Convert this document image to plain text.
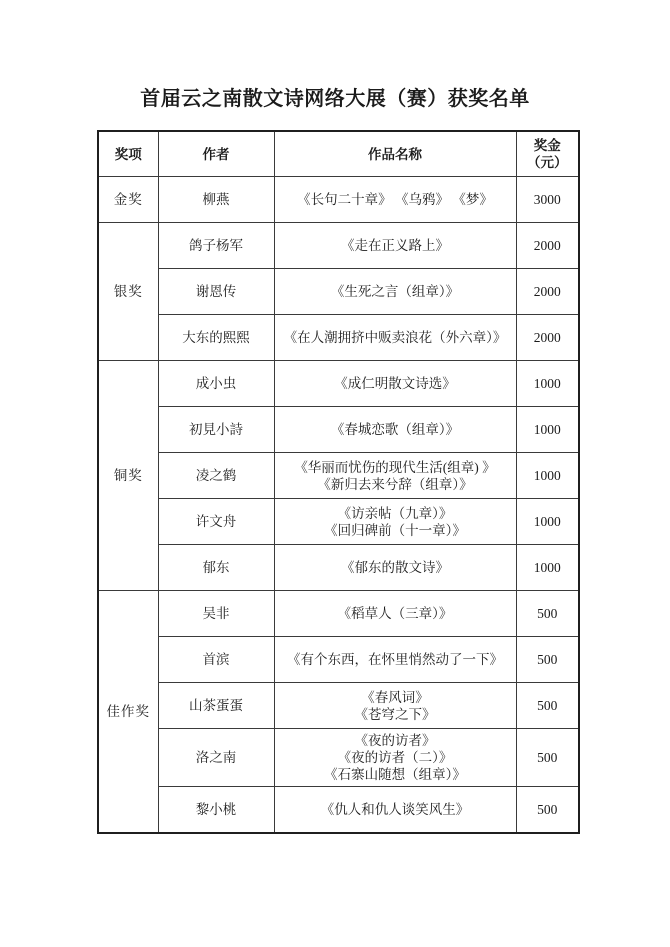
首届云之南散文诗网络大展（赛）获奖名单
奖项	作者	作品名称	奖金
（元）
金奖	柳燕	《长句二十章》 《乌鸦》 《梦》	3000
银奖	鸽子杨军	《走在正义路上》	2000
	谢恩传	《生死之言（组章）》	2000
	大东的熙熙	《在人潮拥挤中贩卖浪花（外六章）》	2000
铜奖	成小虫	《成仁明散文诗选》	1000
	初見小詩	《春城恋歌（组章）》	1000
	凌之鹤	《华丽而忧伤的现代生活(组章) 》
《新归去来兮辞（组章）》	1000
	许文舟	《访亲帖（九章）》
《回归碑前（十一章）》	1000
	郁东	《郁东的散文诗》	1000
佳作奖	吴非	《稻草人（三章）》	500
	首滨	《有个东西，在怀里悄然动了一下》	500
	山茶蛋蛋	《春风词》
《苍穹之下》	500
	洛之南	《夜的访者》
《夜的访者（二）》
《石寨山随想（组章）》	500
	黎小桃	《仇人和仇人谈笑风生》	500
